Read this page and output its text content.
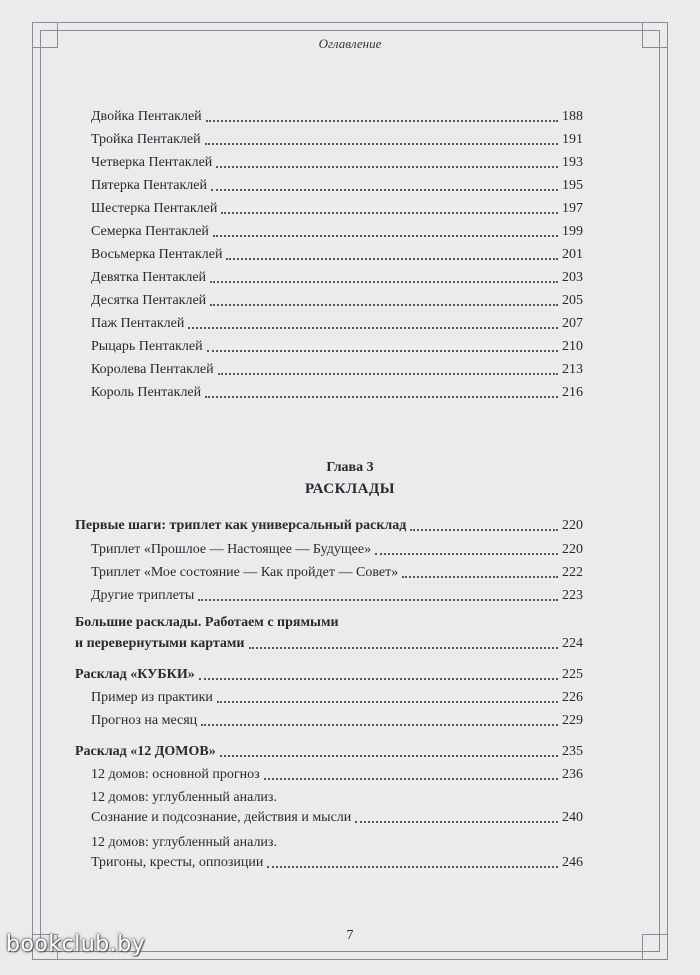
Оглавление
Двойка Пентаклей	188
Тройка Пентаклей	191
Четверка Пентаклей	193
Пятерка Пентаклей	195
Шестерка Пентаклей	197
Семерка Пентаклей	199
Восьмерка Пентаклей	201
Девятка Пентаклей	203
Десятка Пентаклей	205
Паж Пентаклей	207
Рыцарь Пентаклей	210
Королева Пентаклей	213
Король Пентаклей	216
Глава 3
РАСКЛАДЫ
Первые шаги: триплет как универсальный расклад	220
Триплет «Прошлое — Настоящее — Будущее»	220
Триплет «Мое состояние — Как пройдет — Совет»	222
Другие триплеты	223
Большие расклады. Работаем с прямыми
и перевернутыми картами	224
Расклад «КУБКИ»	225
Пример из практики	226
Прогноз на месяц	229
Расклад «12 ДОМОВ»	235
12 домов: основной прогноз	236
12 домов: углубленный анализ.
Сознание и подсознание, действия и мысли	240
12 домов: углубленный анализ.
Тригоны, кресты, оппозиции	246
7
bookclub.by
